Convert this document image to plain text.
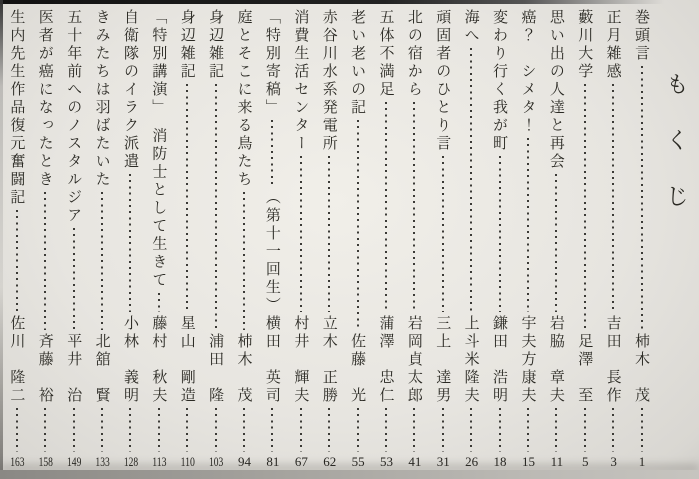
もくじ
巻頭言
柿木　茂
1
正月雑感
吉田　長作
3
藪川大学
足澤　至
5
思い出の人達と再会
岩脇　章夫
11
癌？　シメタ！
宇夫方康夫
15
変わり行く我が町
鎌田　浩明
18
海へ
上斗米隆夫
26
頑固者のひとり言
三上　達男
31
北の宿から
岩岡貞太郎
41
五体不満足
蒲澤　忠仁
53
老い老いの記
佐藤　光
55
赤谷川水系発電所
立木　正勝
62
消費生活センター
村井　輝夫
67
「特別寄稿」
（第十一回生）横田　英司
81
庭とそこに来る鳥たち
柿木　茂
94
身辺雑記
浦田　隆
103
身辺雑記
星山　剛造
110
「特別講演」　消防士として生きて
藤村　秋夫
113
自衛隊のイラク派遣
小林　義明
128
きみたちは羽ばたいた
北舘　賢
133
五十年前へのノスタルジア
平井　治
149
医者が癌になったとき
斉藤　裕
158
生内先生作品復元奮闘記
佐川　隆二
163
